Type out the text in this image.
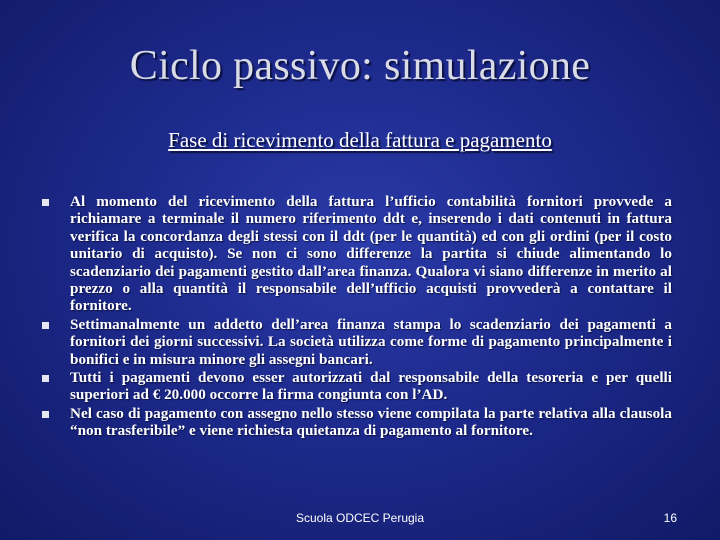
Ciclo passivo: simulazione
Fase di ricevimento della fattura e pagamento
Al momento del ricevimento della fattura l’ufficio contabilità fornitori provvede a richiamare a terminale il numero riferimento ddt e, inserendo i dati contenuti in fattura verifica la concordanza degli stessi con il ddt (per le quantità) ed con gli ordini (per il costo unitario di acquisto). Se non ci sono differenze la partita si chiude alimentando lo scadenziario dei pagamenti gestito dall’area finanza. Qualora vi siano differenze in merito al prezzo o alla quantità il responsabile dell’ufficio acquisti provvederà a contattare il fornitore.
Settimanalmente un addetto dell’area finanza stampa lo scadenziario dei pagamenti a fornitori dei giorni successivi. La società utilizza come forme di pagamento principalmente i bonifici e in misura minore gli assegni bancari.
Tutti i pagamenti devono esser autorizzati dal responsabile della tesoreria e per quelli superiori ad € 20.000 occorre la firma congiunta con l’AD.
Nel caso di pagamento con assegno nello stesso viene compilata la parte relativa alla clausola “non trasferibile” e viene richiesta quietanza di pagamento al fornitore.
Scuola ODCEC Perugia	16
